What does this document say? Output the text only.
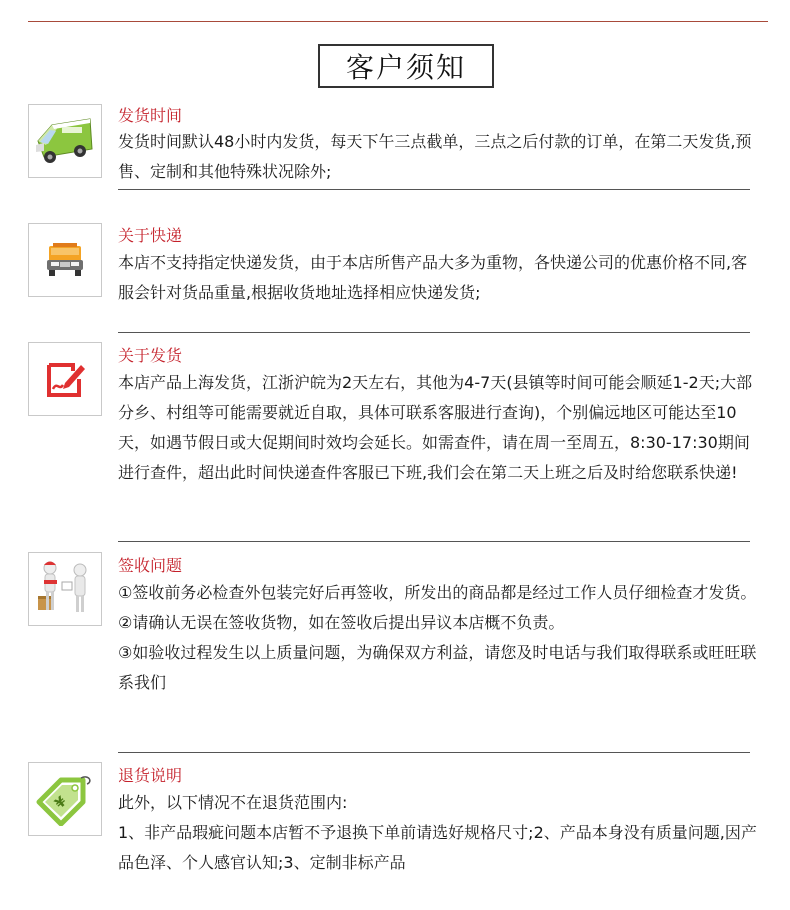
客户须知
发货时间
发货时间默认48小时内发货，每天下午三点截单，三点之后付款的订单，在第二天发货,预售、定制和其他特殊状况除外;
关于快递
本店不支持指定快递发货，由于本店所售产品大多为重物，各快递公司的优惠价格不同,客服会针对货品重量,根据收货地址选择相应快递发货;
关于发货
本店产品上海发货，江浙沪皖为2天左右，其他为4-7天(县镇等时间可能会顺延1-2天;大部分乡、村组等可能需要就近自取，具体可联系客服进行查询)，个别偏远地区可能达至10天，如遇节假日或大促期间时效均会延长。如需查件，请在周一至周五，8:30-17:30期间进行查件，超出此时间快递查件客服已下班,我们会在第二天上班之后及时给您联系快递!
签收问题
①签收前务必检查外包装完好后再签收，所发出的商品都是经过工作人员仔细检查才发货。
②请确认无误在签收货物，如在签收后提出异议本店概不负责。
③如验收过程发生以上质量问题，为确保双方利益，请您及时电话与我们取得联系或旺旺联系我们
¥
退货说明
此外，以下情况不在退货范围内:
1、非产品瑕疵问题本店暂不予退换下单前请选好规格尺寸;2、产品本身没有质量问题,因产品色泽、个人感官认知;3、定制非标产品
